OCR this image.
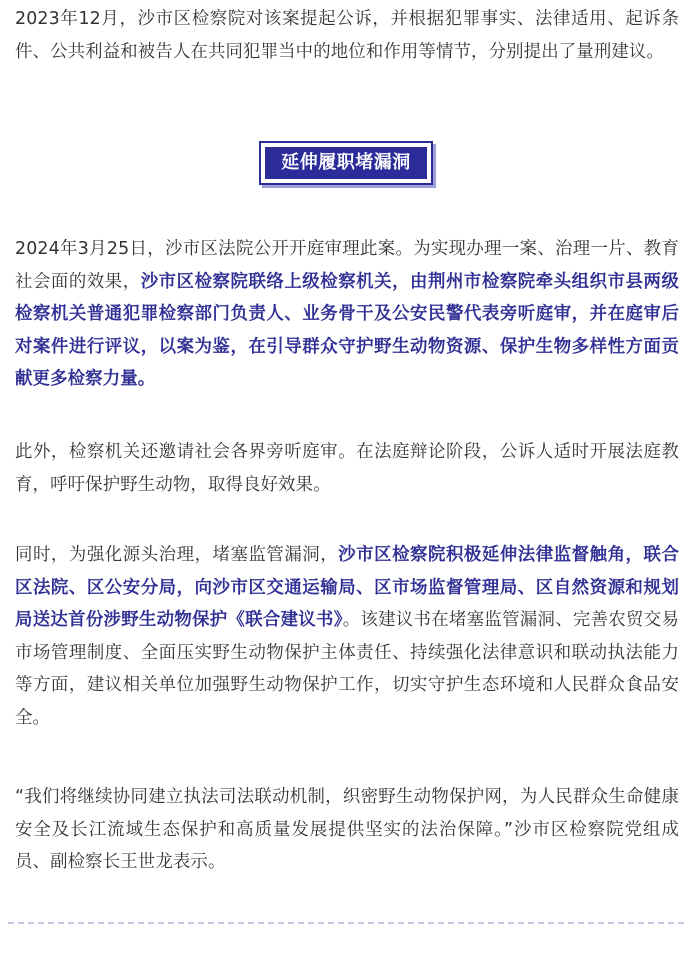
2023年12月，沙市区检察院对该案提起公诉，并根据犯罪事实、法律适用、起诉条件、公共利益和被告人在共同犯罪当中的地位和作用等情节，分别提出了量刑建议。

延伸履职堵漏洞

2024年3月25日，沙市区法院公开开庭审理此案。为实现办理一案、治理一片、教育社会面的效果，沙市区检察院联络上级检察机关，由荆州市检察院牵头组织市县两级检察机关普通犯罪检察部门负责人、业务骨干及公安民警代表旁听庭审，并在庭审后对案件进行评议，以案为鉴，在引导群众守护野生动物资源、保护生物多样性方面贡献更多检察力量。

此外，检察机关还邀请社会各界旁听庭审。在法庭辩论阶段，公诉人适时开展法庭教育，呼吁保护野生动物，取得良好效果。

同时，为强化源头治理，堵塞监管漏洞，沙市区检察院积极延伸法律监督触角，联合区法院、区公安分局，向沙市区交通运输局、区市场监督管理局、区自然资源和规划局送达首份涉野生动物保护《联合建议书》。该建议书在堵塞监管漏洞、完善农贸交易市场管理制度、全面压实野生动物保护主体责任、持续强化法律意识和联动执法能力等方面，建议相关单位加强野生动物保护工作，切实守护生态环境和人民群众食品安全。

“我们将继续协同建立执法司法联动机制，织密野生动物保护网，为人民群众生命健康安全及长江流域生态保护和高质量发展提供坚实的法治保障。”沙市区检察院党组成员、副检察长王世龙表示。
